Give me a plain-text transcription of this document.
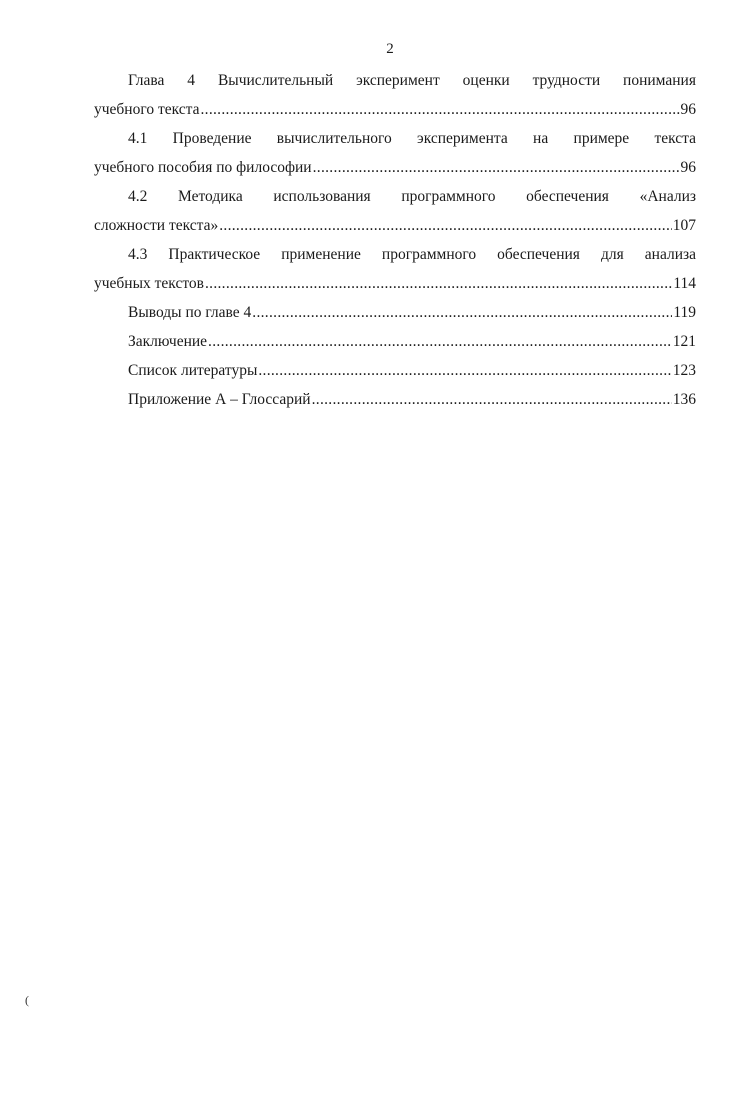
2
Глава 4 Вычислительный эксперимент оценки трудности понимания
учебного текста .....	96
4.1 Проведение вычислительного эксперимента на примере текста
учебного пособия по философии .....	96
4.2 Методика использования программного обеспечения «Анализ
сложности текста» .....	107
4.3 Практическое применение программного обеспечения для анализа
учебных текстов .....	114
Выводы по главе 4 .....	119
Заключение .....	121
Список литературы .....	123
Приложение А – Глоссарий .....	136
(
